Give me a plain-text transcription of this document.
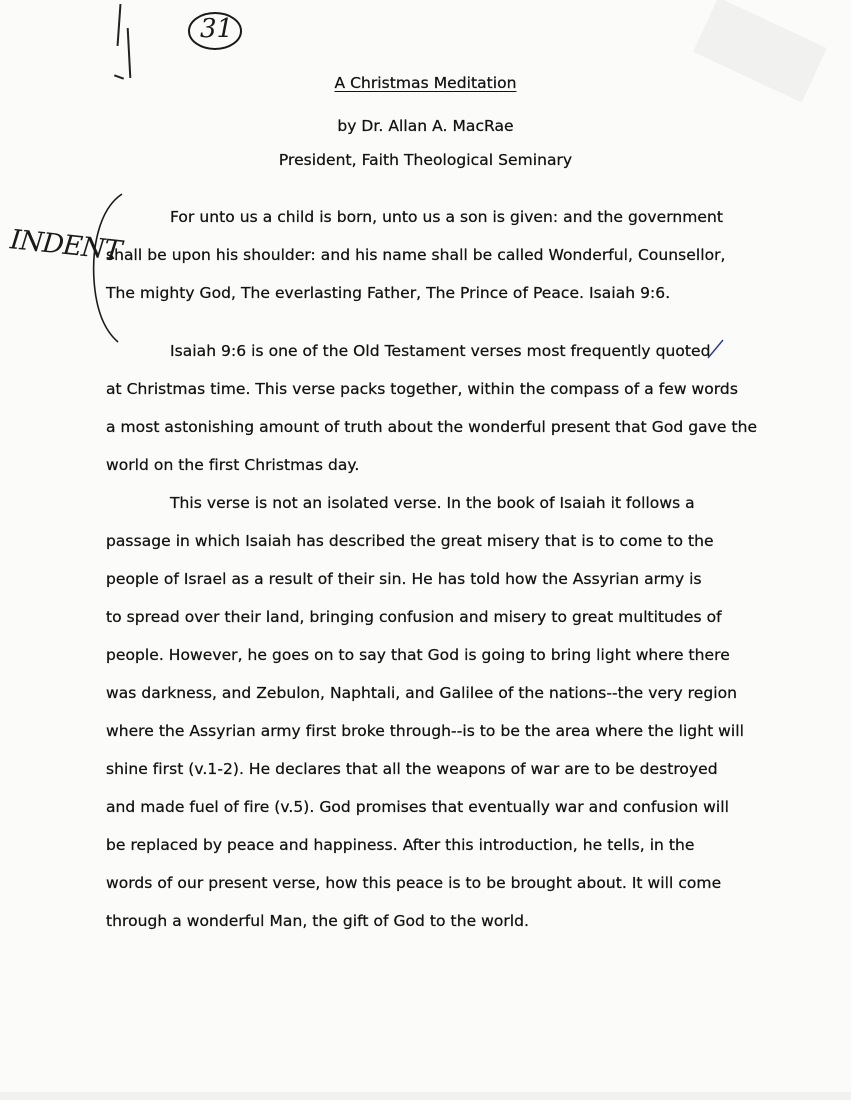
31
INDENT
A Christmas Meditation
by Dr. Allan A. MacRae
President, Faith Theological Seminary
For unto us a child is born, unto us a son is given: and the government
shall be upon his shoulder: and his name shall be called Wonderful, Counsellor,
The mighty God, The everlasting Father, The Prince of Peace. Isaiah 9:6.
Isaiah 9:6 is one of the Old Testament verses most frequently quoted
at Christmas time. This verse packs together, within the compass of a few words
a most astonishing amount of truth about the wonderful present that God gave the
world on the first Christmas day.
This verse is not an isolated verse. In the book of Isaiah it follows a
passage in which Isaiah has described the great misery that is to come to the
people of Israel as a result of their sin. He has told how the Assyrian army is
to spread over their land, bringing confusion and misery to great multitudes of
people. However, he goes on to say that God is going to bring light where there
was darkness, and Zebulon, Naphtali, and Galilee of the nations--the very region
where the Assyrian army first broke through--is to be the area where the light will
shine first (v.1-2). He declares that all the weapons of war are to be destroyed
and made fuel of fire (v.5). God promises that eventually war and confusion will
be replaced by peace and happiness. After this introduction, he tells, in the
words of our present verse, how this peace is to be brought about. It will come
through a wonderful Man, the gift of God to the world.
